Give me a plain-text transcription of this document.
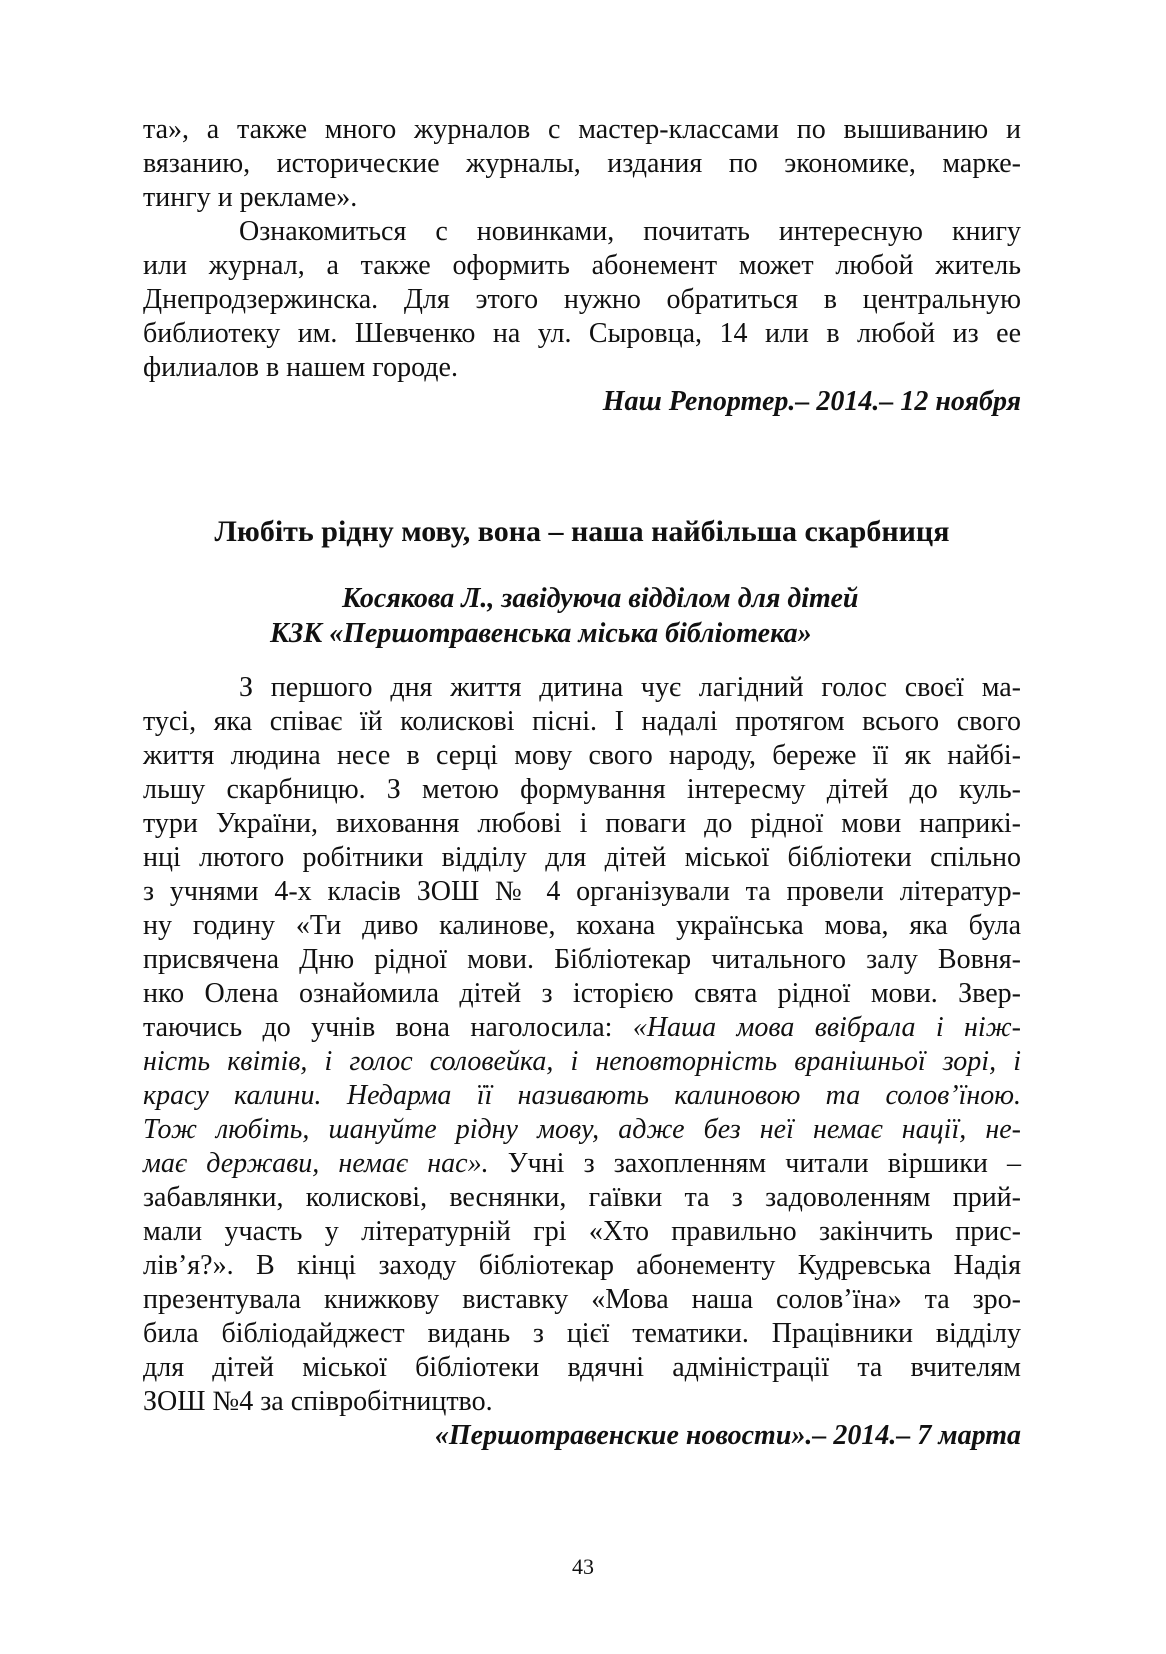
та», а также много журналов с мастер-классами по вышиванию и
вязанию, исторические журналы, издания по экономике, марке-
тингу и рекламе».
Ознакомиться с новинками, почитать интересную книгу
или журнал, а также оформить абонемент может любой житель
Днепродзержинска. Для этого нужно обратиться в центральную
библиотеку им. Шевченко на ул. Сыровца, 14 или в любой из ее
филиалов в нашем городе.
Наш Репортер.– 2014.– 12 ноября
Любіть рідну мову, вона – наша найбільша скарбниця
Косякова Л., завідуюча відділом для дітей
КЗК «Першотравенська міська бібліотека»
З першого дня життя дитина чує лагідний голос своєї ма-
тусі, яка співає їй колискові пісні. І надалі протягом всього свого
життя людина несе в серці мову свого народу, береже її як найбі-
льшу скарбницю. З метою формування інтересму дітей до куль-
тури України, виховання любові і поваги до рідної мови наприкі-
нці лютого робітники відділу для дітей міської бібліотеки спільно
з учнями 4-х класів ЗОШ № 4 організували та провели літератур-
ну годину «Ти диво калинове, кохана українська мова, яка була
присвячена Дню рідної мови. Бібліотекар читального залу Вовня-
нко Олена ознайомила дітей з історією свята рідної мови. Звер-
таючись до учнів вона наголосила: «Наша мова ввібрала і ніж-
ність квітів, і голос соловейка, і неповторність вранішньої зорі, і
красу калини. Недарма її називають калиновою та солов’їною.
Тож любіть, шануйте рідну мову, адже без неї немає нації, не-
має держави, немає нас». Учні з захопленням читали віршики –
забавлянки, колискові, веснянки, гаївки та з задоволенням прий-
мали участь у літературній грі «Хто правильно закінчить прис-
лів’я?». В кінці заходу бібліотекар абонементу Кудревська Надія
презентувала книжкову виставку «Мова наша солов’їна» та зро-
била бібліодайджест видань з цієї тематики. Працівники відділу
для дітей міської бібліотеки вдячні адміністрації та вчителям
ЗОШ №4 за співробітництво.
«Першотравенские новости».– 2014.– 7 марта
43
